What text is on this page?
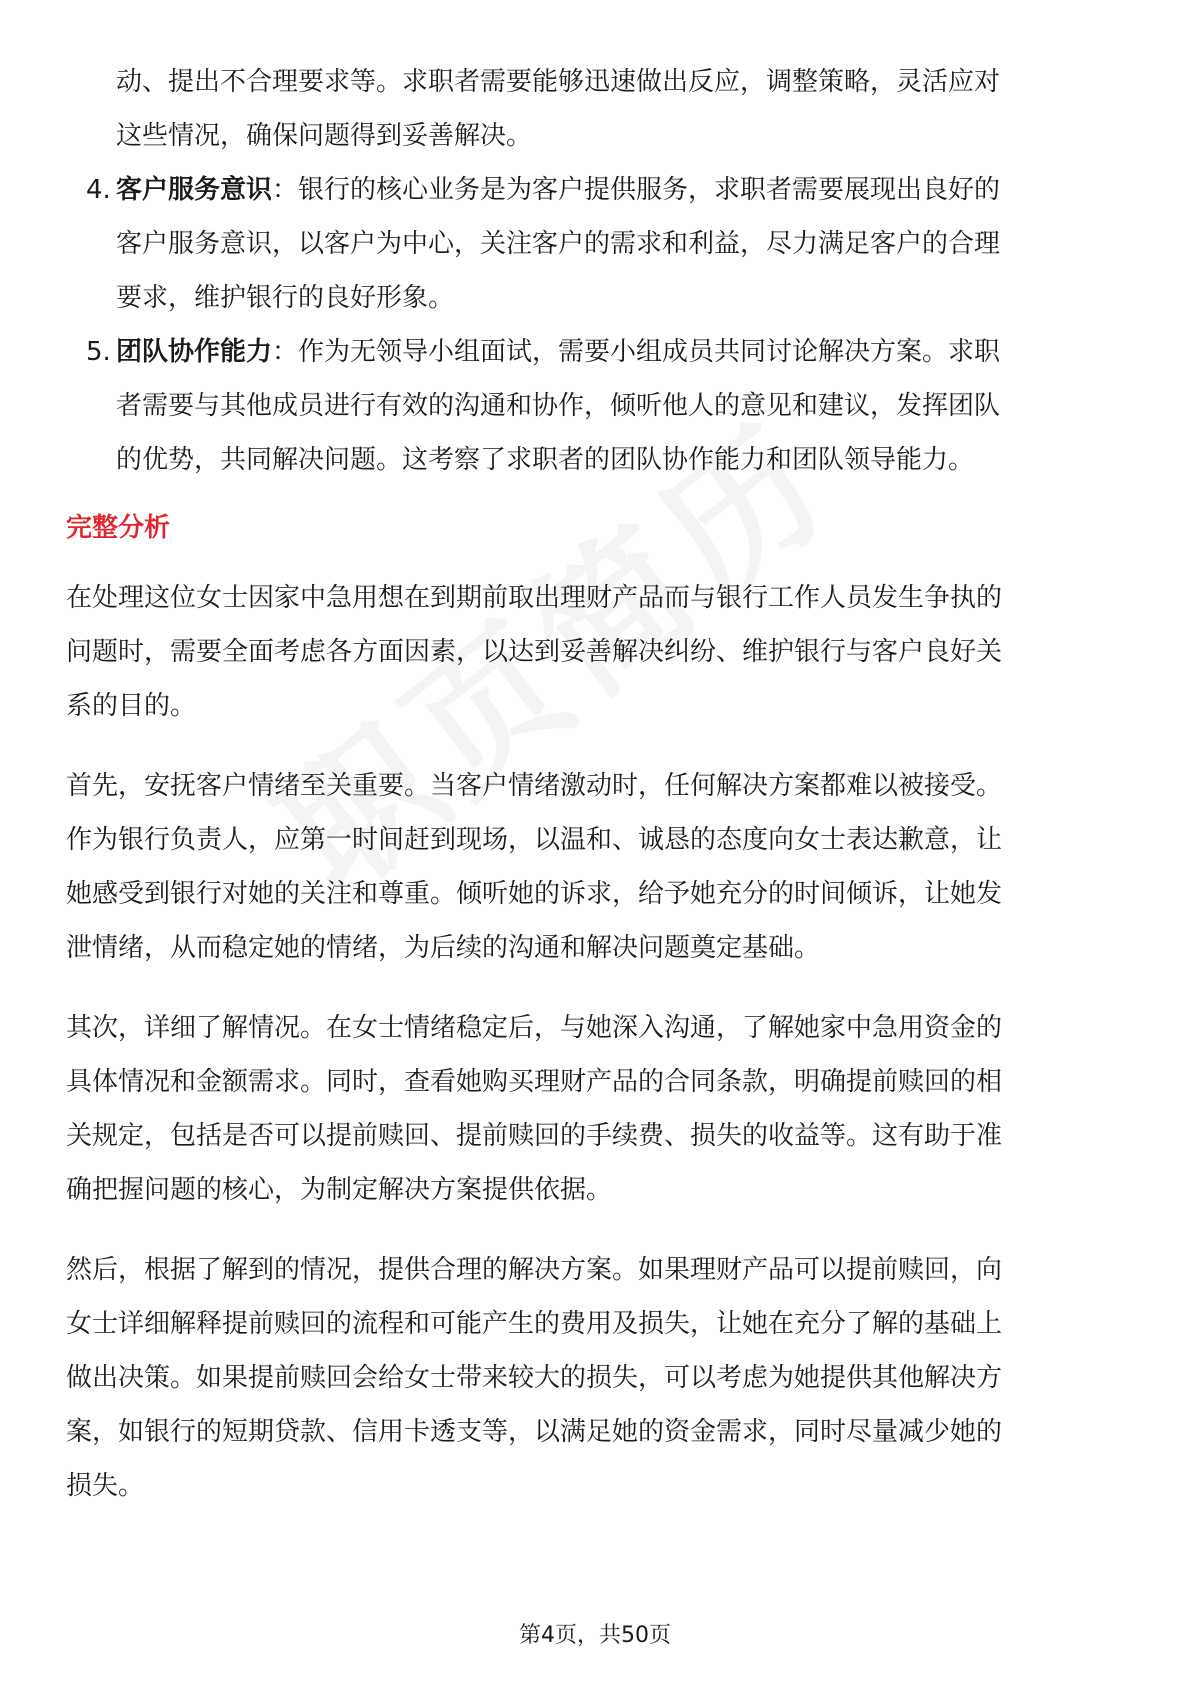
动、提出不合理要求等。求职者需要能够迅速做出反应，调整策略，灵活应对
这些情况，确保问题得到妥善解决。
4. 客户服务意识：银行的核心业务是为客户提供服务，求职者需要展现出良好的
客户服务意识，以客户为中心，关注客户的需求和利益，尽力满足客户的合理
要求，维护银行的良好形象。
5. 团队协作能力：作为无领导小组面试，需要小组成员共同讨论解决方案。求职
者需要与其他成员进行有效的沟通和协作，倾听他人的意见和建议，发挥团队
的优势，共同解决问题。这考察了求职者的团队协作能力和团队领导能力。
完整分析
在处理这位女士因家中急用想在到期前取出理财产品而与银行工作人员发生争执的
问题时，需要全面考虑各方面因素，以达到妥善解决纠纷、维护银行与客户良好关
系的目的。
首先，安抚客户情绪至关重要。当客户情绪激动时，任何解决方案都难以被接受。
作为银行负责人，应第一时间赶到现场，以温和、诚恳的态度向女士表达歉意，让
她感受到银行对她的关注和尊重。倾听她的诉求，给予她充分的时间倾诉，让她发
泄情绪，从而稳定她的情绪，为后续的沟通和解决问题奠定基础。
其次，详细了解情况。在女士情绪稳定后，与她深入沟通，了解她家中急用资金的
具体情况和金额需求。同时，查看她购买理财产品的合同条款，明确提前赎回的相
关规定，包括是否可以提前赎回、提前赎回的手续费、损失的收益等。这有助于准
确把握问题的核心，为制定解决方案提供依据。
然后，根据了解到的情况，提供合理的解决方案。如果理财产品可以提前赎回，向
女士详细解释提前赎回的流程和可能产生的费用及损失，让她在充分了解的基础上
做出决策。如果提前赎回会给女士带来较大的损失，可以考虑为她提供其他解决方
案，如银行的短期贷款、信用卡透支等，以满足她的资金需求，同时尽量减少她的
损失。
第4页，共50页
